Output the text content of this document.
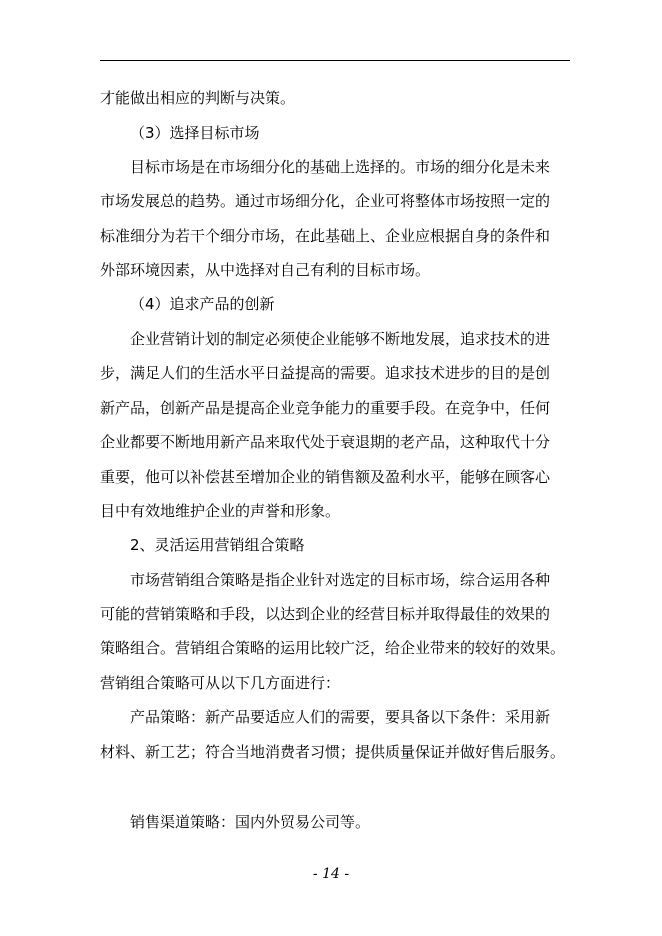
才能做出相应的判断与决策。
（3）选择目标市场
目标市场是在市场细分化的基础上选择的。市场的细分化是未来
市场发展总的趋势。通过市场细分化，企业可将整体市场按照一定的
标准细分为若干个细分市场，在此基础上、企业应根据自身的条件和
外部环境因素，从中选择对自己有利的目标市场。
（4）追求产品的创新
企业营销计划的制定必须使企业能够不断地发展，追求技术的进
步，满足人们的生活水平日益提高的需要。追求技术进步的目的是创
新产品，创新产品是提高企业竞争能力的重要手段。在竞争中，任何
企业都要不断地用新产品来取代处于衰退期的老产品，这种取代十分
重要，他可以补偿甚至增加企业的销售额及盈利水平，能够在顾客心
目中有效地维护企业的声誉和形象。
2、灵活运用营销组合策略
市场营销组合策略是指企业针对选定的目标市场，综合运用各种
可能的营销策略和手段，以达到企业的经营目标并取得最佳的效果的
策略组合。营销组合策略的运用比较广泛，给企业带来的较好的效果。
营销组合策略可从以下几方面进行：
产品策略：新产品要适应人们的需要，要具备以下条件：采用新
材料、新工艺；符合当地消费者习惯；提供质量保证并做好售后服务。
销售渠道策略：国内外贸易公司等。
- 14 -
